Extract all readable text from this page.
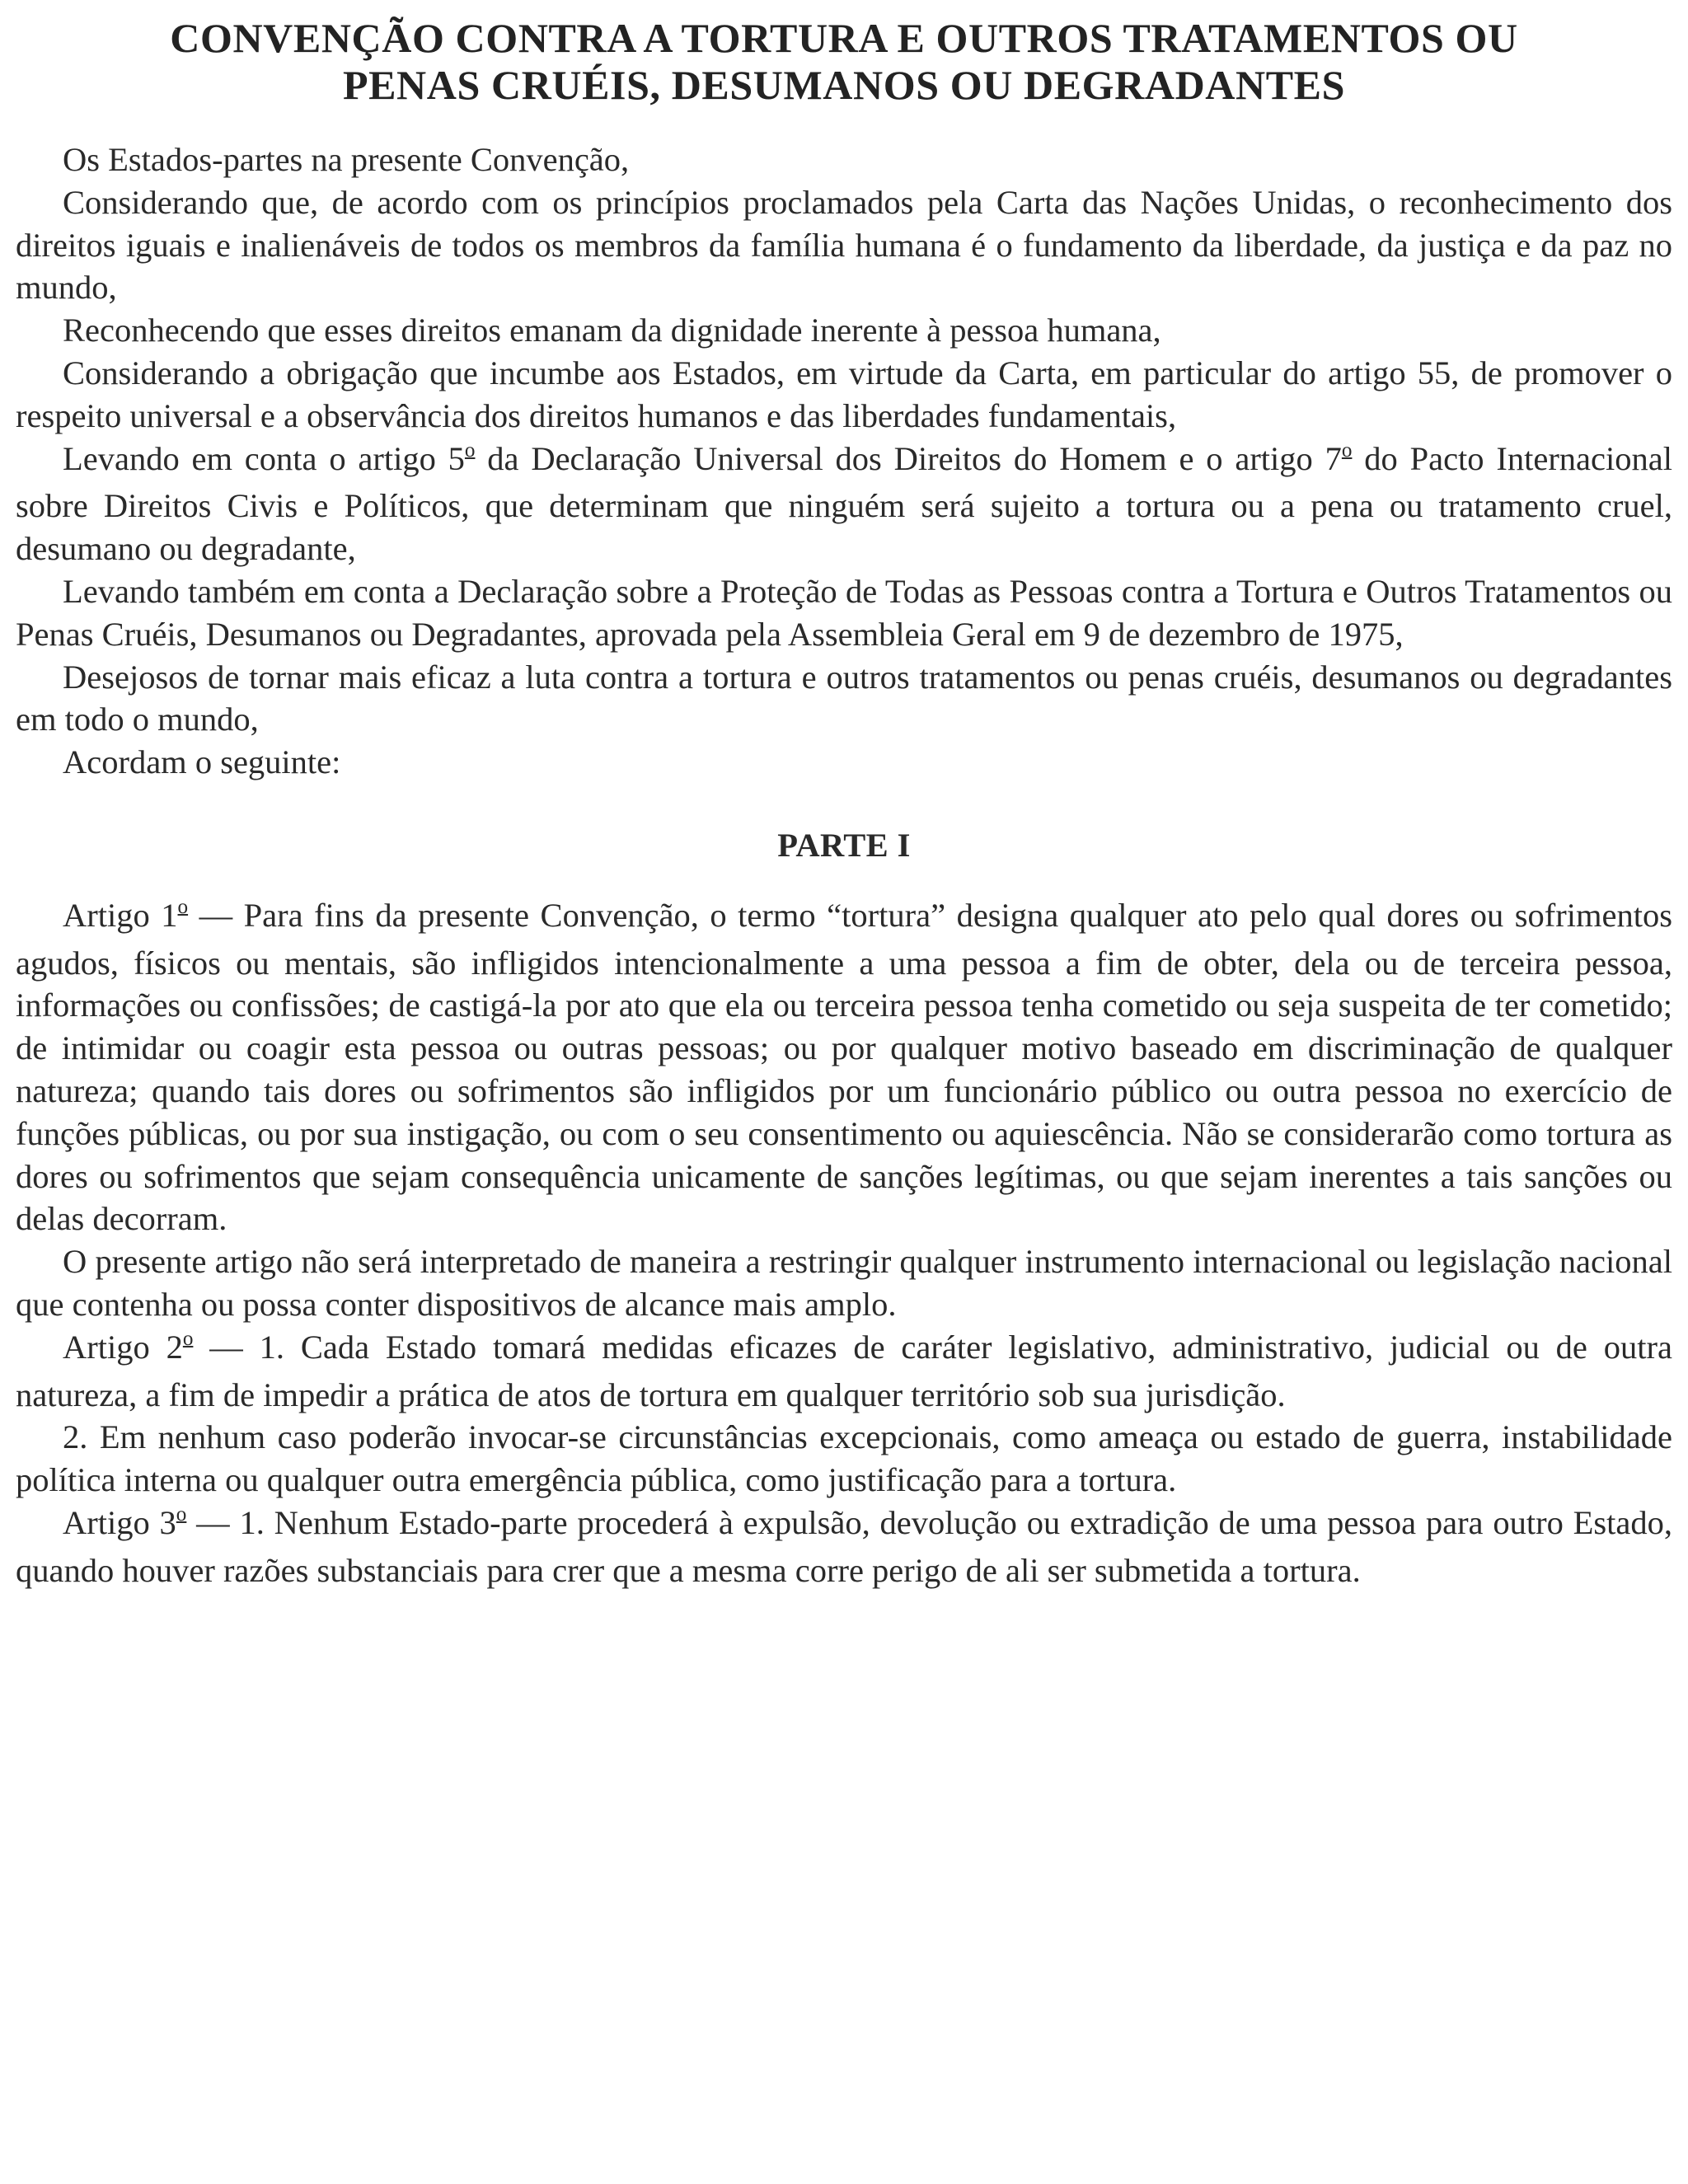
CONVENÇÃO CONTRA A TORTURA E OUTROS TRATAMENTOS OU
PENAS CRUÉIS, DESUMANOS OU DEGRADANTES

Os Estados-partes na presente Convenção,

Considerando que, de acordo com os princípios proclamados pela Carta das Nações Unidas, o reconhecimento dos direitos iguais e inalienáveis de todos os membros da família humana é o fundamento da liberdade, da justiça e da paz no mundo,

Reconhecendo que esses direitos emanam da dignidade inerente à pessoa humana,

Considerando a obrigação que incumbe aos Estados, em virtude da Carta, em particular do artigo 55, de promover o respeito universal e a observância dos direitos humanos e das liberdades fundamentais,

Levando em conta o artigo 5$^o$ da Declaração Universal dos Direitos do Homem e o artigo 7$^o$ do Pacto Internacional sobre Direitos Civis e Políticos, que determinam que ninguém será sujeito a tortura ou a pena ou tratamento cruel, desumano ou degradante,

Levando também em conta a Declaração sobre a Proteção de Todas as Pessoas contra a Tortura e Outros Tratamentos ou Penas Cruéis, Desumanos ou Degradantes, aprovada pela Assembleia Geral em 9 de dezembro de 1975,

Desejosos de tornar mais eficaz a luta contra a tortura e outros tratamentos ou penas cruéis, desumanos ou degradantes em todo o mundo,

Acordam o seguinte:

PARTE I

Artigo 1$^o$ — Para fins da presente Convenção, o termo “tortura” designa qualquer ato pelo qual dores ou sofrimentos agudos, físicos ou mentais, são infligidos intencionalmente a uma pessoa a fim de obter, dela ou de terceira pessoa, informações ou confissões; de castigá-la por ato que ela ou terceira pessoa tenha cometido ou seja suspeita de ter cometido; de intimidar ou coagir esta pessoa ou outras pessoas; ou por qualquer motivo baseado em discriminação de qualquer natureza; quando tais dores ou sofrimentos são infligidos por um funcionário público ou outra pessoa no exercício de funções públicas, ou por sua instigação, ou com o seu consentimento ou aquiescência. Não se considerarão como tortura as dores ou sofrimentos que sejam consequência unicamente de sanções legítimas, ou que sejam inerentes a tais sanções ou delas decorram.

O presente artigo não será interpretado de maneira a restringir qualquer instrumento internacional ou legislação nacional que contenha ou possa conter dispositivos de alcance mais amplo.

Artigo 2$^o$ — 1. Cada Estado tomará medidas eficazes de caráter legislativo, administrativo, judicial ou de outra natureza, a fim de impedir a prática de atos de tortura em qualquer território sob sua jurisdição.

2. Em nenhum caso poderão invocar-se circunstâncias excepcionais, como ameaça ou estado de guerra, instabilidade política interna ou qualquer outra emergência pública, como justificação para a tortura.

Artigo 3$^o$ — 1. Nenhum Estado-parte procederá à expulsão, devolução ou extradição de uma pessoa para outro Estado, quando houver razões substanciais para crer que a mesma corre perigo de ali ser submetida a tortura.
